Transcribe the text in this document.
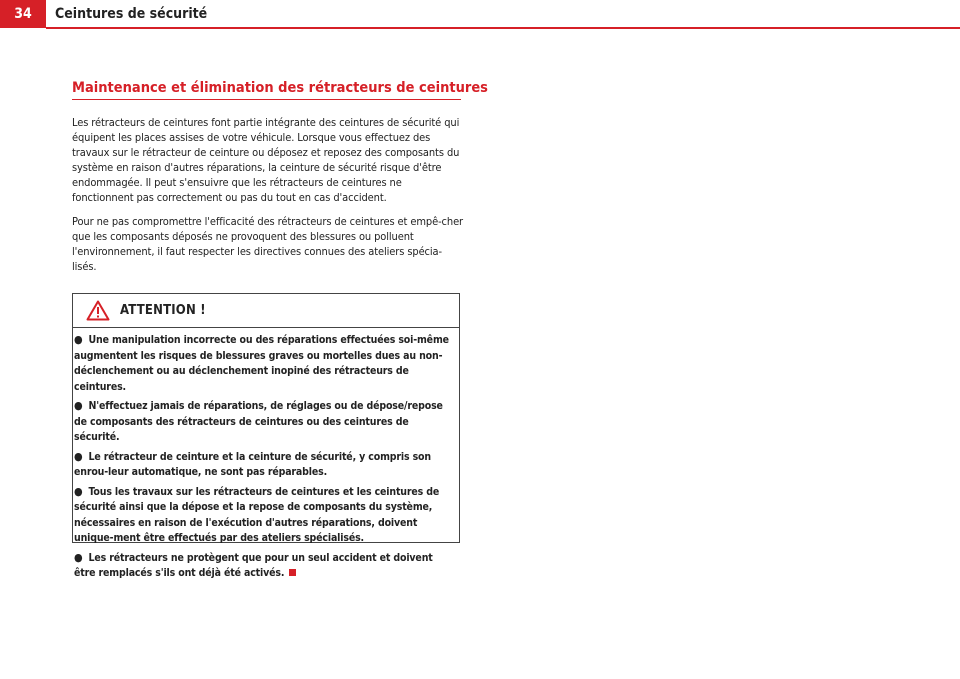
34	Ceintures de sécurité
Maintenance et élimination des rétracteurs de ceintures
Les rétracteurs de ceintures font partie intégrante des ceintures de sécurité qui équipent les places assises de votre véhicule. Lorsque vous effectuez des travaux sur le rétracteur de ceinture ou déposez et reposez des composants du système en raison d'autres réparations, la ceinture de sécurité risque d'être endommagée. Il peut s'ensuivre que les rétracteurs de ceintures ne fonctionnent pas correctement ou pas du tout en cas d'accident.
Pour ne pas compromettre l'efficacité des rétracteurs de ceintures et empê-cher que les composants déposés ne provoquent des blessures ou polluent l'environnement, il faut respecter les directives connues des ateliers spécia-lisés.
ATTENTION !
● Une manipulation incorrecte ou des réparations effectuées soi-même augmentent les risques de blessures graves ou mortelles dues au non-déclenchement ou au déclenchement inopiné des rétracteurs de ceintures.
● N'effectuez jamais de réparations, de réglages ou de dépose/repose de composants des rétracteurs de ceintures ou des ceintures de sécurité.
● Le rétracteur de ceinture et la ceinture de sécurité, y compris son enrou-leur automatique, ne sont pas réparables.
● Tous les travaux sur les rétracteurs de ceintures et les ceintures de sécurité ainsi que la dépose et la repose de composants du système, nécessaires en raison de l'exécution d'autres réparations, doivent unique-ment être effectués par des ateliers spécialisés.
● Les rétracteurs ne protègent que pour un seul accident et doivent être remplacés s'ils ont déjà été activés.
